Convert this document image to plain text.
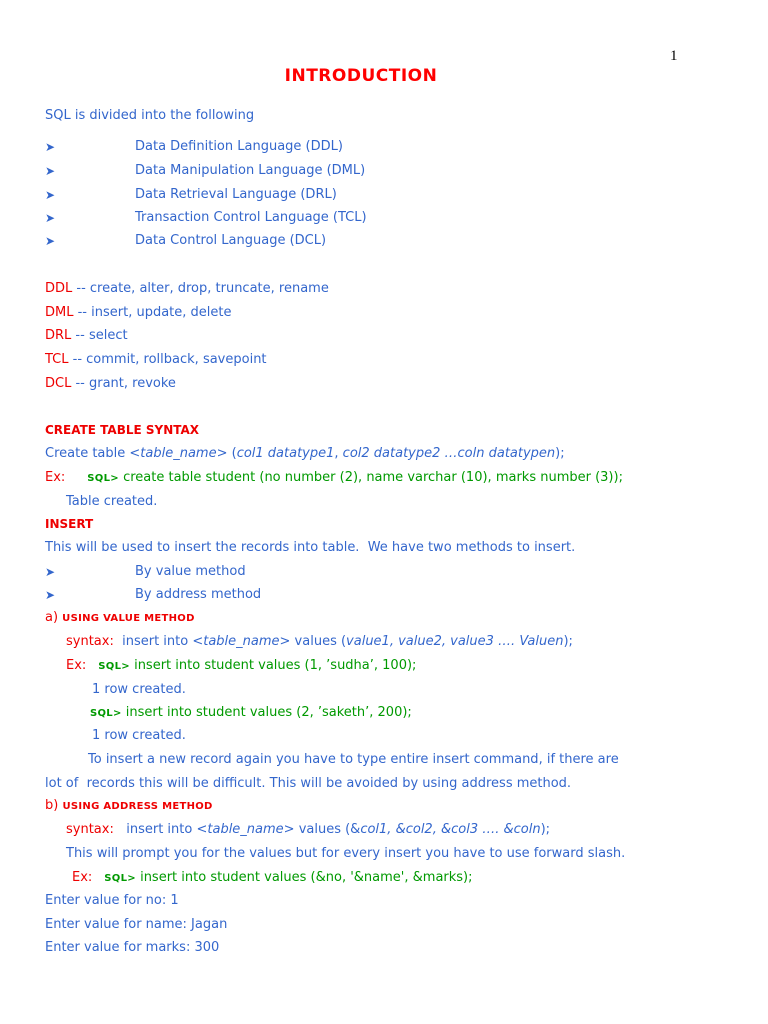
1
INTRODUCTION
SQL is divided into the following
➤	Data Definition Language (DDL)
➤	Data Manipulation Language (DML)
➤	Data Retrieval Language (DRL)
➤	Transaction Control Language (TCL)
➤	Data Control Language (DCL)
DDL -- create, alter, drop, truncate, rename
DML -- insert, update, delete
DRL -- select
TCL -- commit, rollback, savepoint
DCL -- grant, revoke
CREATE TABLE SYNTAX
Create table <table_name> (col1 datatype1, col2 datatype2 …coln datatypen);
Ex: SQL> create table student (no number (2), name varchar (10), marks number (3));
Table created.
INSERT
This will be used to insert the records into table.  We have two methods to insert.
➤	By value method
➤	By address method
a) USING VALUE METHOD
syntax:  insert into <table_name> values (value1, value2, value3 …. Valuen);
Ex: SQL> insert into student values (1, ’sudha’, 100);
1 row created.
SQL> insert into student values (2, ’saketh’, 200);
1 row created.
To insert a new record again you have to type entire insert command, if there are
lot of  records this will be difficult. This will be avoided by using address method.
b) USING ADDRESS METHOD
syntax:   insert into <table_name> values (&col1, &col2, &col3 …. &coln);
This will prompt you for the values but for every insert you have to use forward slash.
Ex: SQL> insert into student values (&no, '&name', &marks);
Enter value for no: 1
Enter value for name: Jagan
Enter value for marks: 300
